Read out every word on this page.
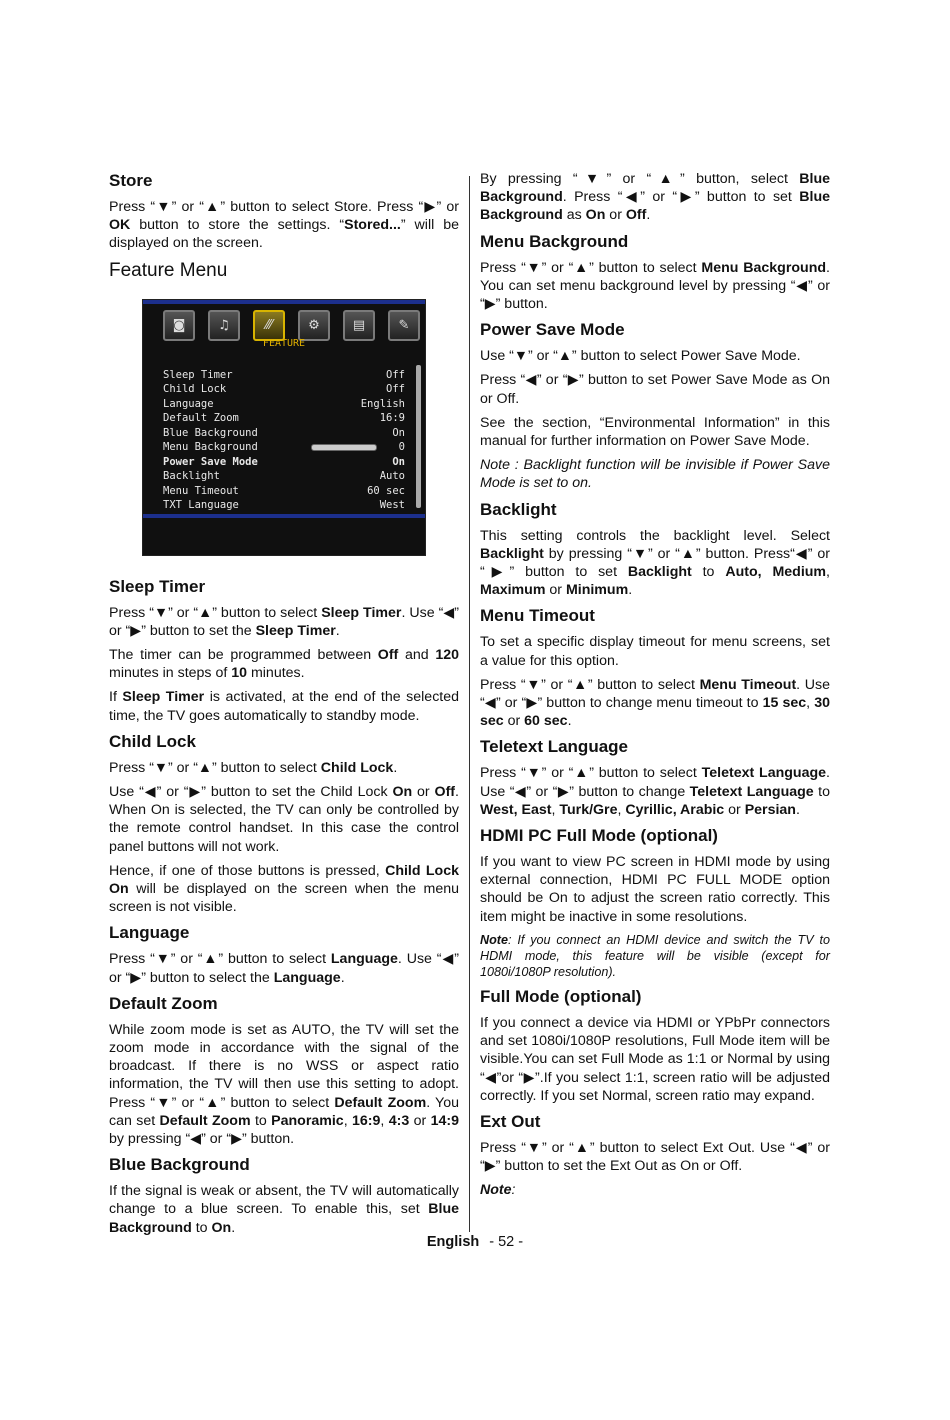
Store

Press “▼” or “▲” button to select Store. Press “▶” or OK button to store the settings. “Stored...” will be displayed on the screen.

Feature Menu
◙	♫	⁄⁄⁄	⚙	▤	✎
FEATURE
Sleep Timer	Off
Child Lock	Off
Language	English
Default Zoom	16:9
Blue Background	On
Menu Background	0
Power Save Mode	On
Backlight	Auto
Menu Timeout	60 sec
TXT Language	West
Sleep Timer

Press “▼” or “▲” button to select Sleep Timer. Use “◀” or “▶” button to set the Sleep Timer.

The timer can be programmed between Off and 120 minutes in steps of 10 minutes.

If Sleep Timer is activated, at the end of the selected time, the TV goes automatically to standby mode.

Child Lock

Press “▼” or “▲” button to select Child Lock.

Use “◀” or “▶” button to set the Child Lock On or Off. When On is selected, the TV can only be controlled by the remote control handset. In this case the control panel buttons will not work.

Hence, if one of those buttons is pressed, Child Lock On will be displayed on the screen when the menu screen is not visible.

Language

Press “▼” or “▲” button to select Language. Use “◀” or “▶” button to select the Language.

Default Zoom

While zoom mode is set as AUTO, the TV will set the zoom mode in accordance with the signal of the broadcast. If there is no WSS or aspect ratio information, the TV will then use this setting to adopt. Press “▼” or “▲” button to select Default Zoom. You can set Default Zoom to Panoramic, 16:9, 4:3 or 14:9 by pressing “◀” or “▶” button.

Blue Background

If the signal is weak or absent, the TV will automatically change to a blue screen. To enable this, set Blue Background to On.

By pressing “▼” or “▲” button, select Blue Background. Press “◀” or “▶” button to set Blue Background as On or Off.

Menu Background

Press “▼” or “▲” button to select Menu Background. You can set menu background level by pressing “◀” or “▶” button.

Power Save Mode

Use “▼” or “▲” button to select Power Save Mode.

Press “◀” or “▶” button to set Power Save Mode as On or Off.

See the section, “Environmental Information” in this manual for further information on Power Save Mode.

Note : Backlight function will be invisible if Power Save Mode is set to on.

Backlight

This setting controls the backlight level. Select Backlight by pressing “▼” or “▲” button. Press“◀” or “▶” button to set Backlight to Auto, Medium, Maximum or Minimum.

Menu Timeout

To set a specific display timeout for menu screens, set a value for this option.

Press “▼” or “▲” button to select Menu Timeout. Use “◀” or “▶” button to change menu timeout to 15 sec, 30 sec or 60 sec.

Teletext Language

Press “▼” or “▲” button to select Teletext Language. Use “◀” or “▶” button to change Teletext Language to West, East, Turk/Gre, Cyrillic, Arabic or Persian.

HDMI PC Full Mode (optional)

If you want to view PC screen in HDMI mode by using external connection, HDMI PC FULL MODE option should be On to adjust the screen ratio correctly. This item might be inactive in some resolutions.

Note: If you connect an HDMI device and switch the TV to HDMI mode, this feature will be visible (except for 1080i/1080P resolution).

Full Mode (optional)

If you connect a device via HDMI or YPbPr connectors and set 1080i/1080P resolutions, Full Mode item will be visible.You can set Full Mode as 1:1 or Normal by using “◀”or “▶”.If you select 1:1, screen ratio will be adjusted correctly. If you set Normal, screen ratio may expand.

Ext Out

Press “▼” or “▲” button to select Ext Out. Use “◀” or “▶” button to set the Ext Out as On or Off.

Note:

English - 52 -
